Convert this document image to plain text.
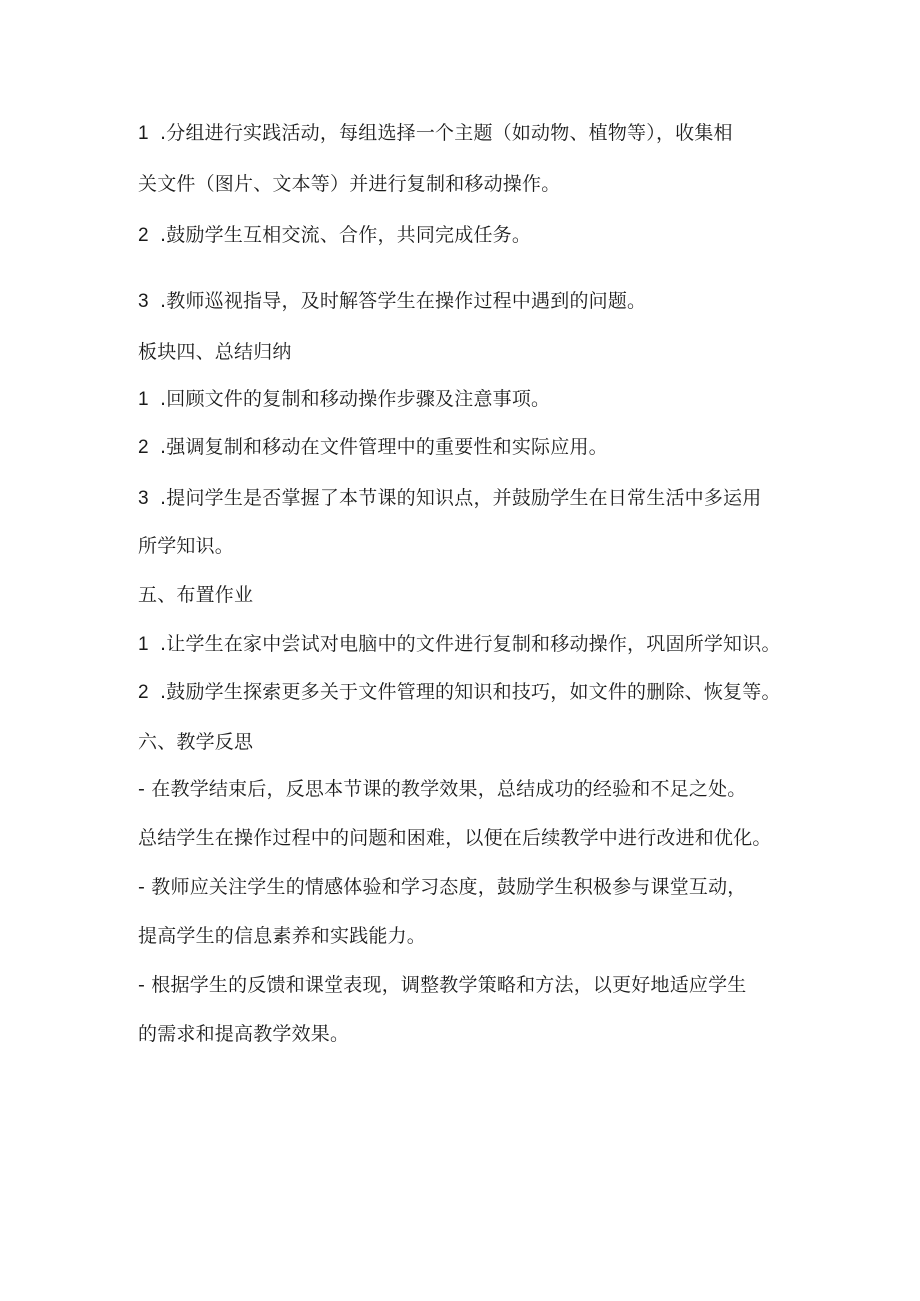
1 .分组进行实践活动，每组选择一个主题（如动物、植物等），收集相
关文件（图片、文本等）并进行复制和移动操作。
2 .鼓励学生互相交流、合作，共同完成任务。
3 .教师巡视指导，及时解答学生在操作过程中遇到的问题。
板块四、总结归纳
1 .回顾文件的复制和移动操作步骤及注意事项。
2 .强调复制和移动在文件管理中的重要性和实际应用。
3 .提问学生是否掌握了本节课的知识点，并鼓励学生在日常生活中多运用
所学知识。
五、布置作业
1 .让学生在家中尝试对电脑中的文件进行复制和移动操作，巩固所学知识。
2 .鼓励学生探索更多关于文件管理的知识和技巧，如文件的删除、恢复等。
六、教学反思
- 在教学结束后，反思本节课的教学效果，总结成功的经验和不足之处。
总结学生在操作过程中的问题和困难，以便在后续教学中进行改进和优化。
- 教师应关注学生的情感体验和学习态度，鼓励学生积极参与课堂互动，
提高学生的信息素养和实践能力。
- 根据学生的反馈和课堂表现，调整教学策略和方法，以更好地适应学生
的需求和提高教学效果。
